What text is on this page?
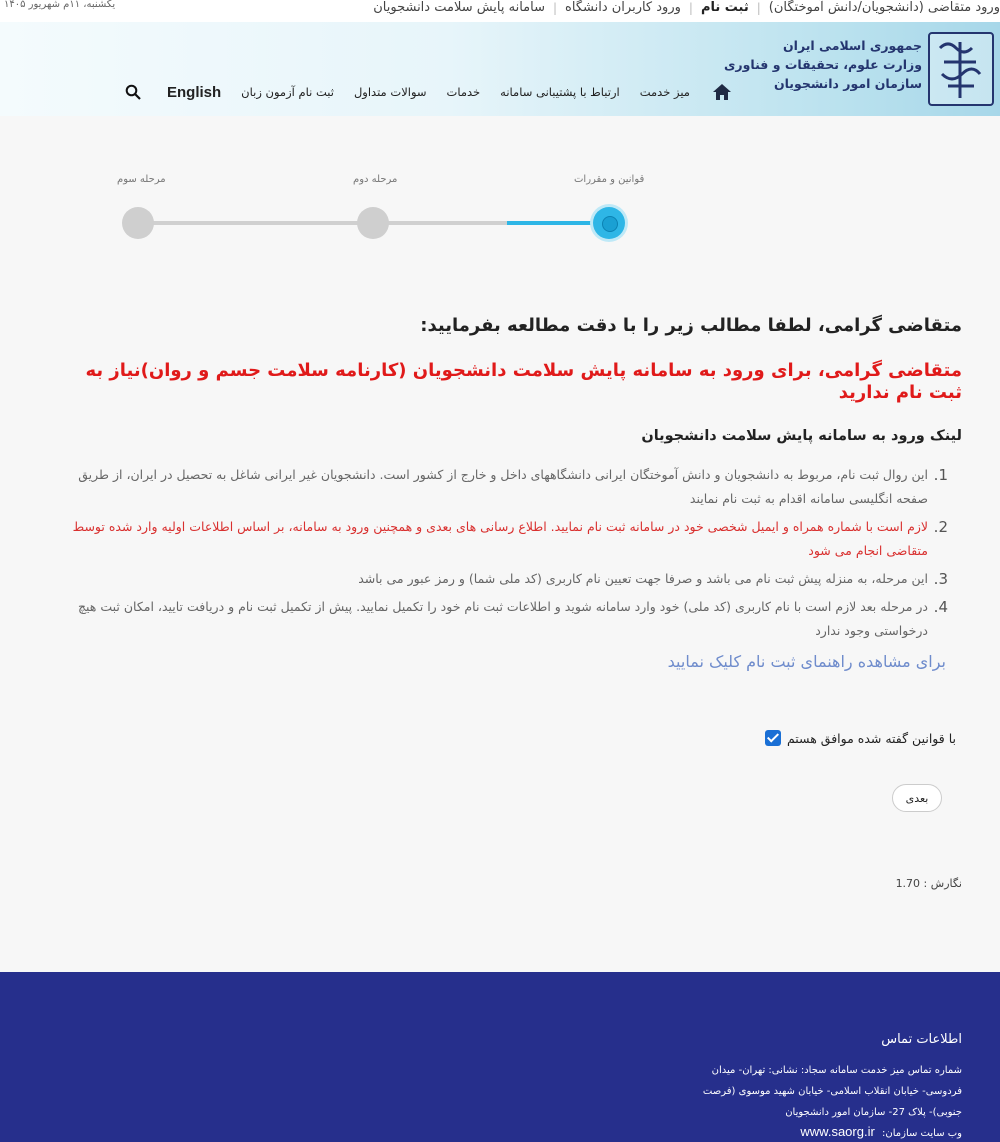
ورود متقاضی (دانشجویان/دانش آموختگان)
|
ثبت نام
|
ورود کاربران دانشگاه
|
سامانه پایش سلامت دانشجویان
یکشنبه، ۱۱م شهریور ۱۴۰۵
جمهوری اسلامی ایران
وزارت علوم، تحقیقات و فناوری
سازمان امور دانشجویان
میز خدمت
ارتباط با پشتیبانی سامانه
خدمات
سوالات متداول
ثبت نام آزمون زبان
English
قوانین و مقررات
مرحله دوم
مرحله سوم
متقاضی گرامی، لطفا مطالب زیر را با دقت مطالعه بفرمایید:
متقاضی گرامی، برای ورود به سامانه پایش سلامت دانشجویان (کارنامه سلامت جسم و روان)نیاز به ثبت نام ندارید
لینک ورود به سامانه پایش سلامت دانشجویان
1.
این روال ثبت نام، مربوط به دانشجویان و دانش آموختگان ایرانی دانشگاههای داخل و خارج از کشور است. دانشجویان غیر ایرانی شاغل به تحصیل در ایران، از طریق صفحه انگلیسی سامانه اقدام به ثبت نام نمایند
2.
لازم است با شماره همراه و ایمیل شخصی خود در سامانه ثبت نام نمایید. اطلاع رسانی های بعدی و همچنین ورود به سامانه، بر اساس اطلاعات اولیه وارد شده توسط متقاضی انجام می شود
3.
این مرحله، به منزله پیش ثبت نام می باشد و صرفا جهت تعیین نام کاربری (کد ملی شما) و رمز عبور می باشد
4.
در مرحله بعد لازم است با نام کاربری (کد ملی) خود وارد سامانه شوید و اطلاعات ثبت نام خود را تکمیل نمایید. پیش از تکمیل ثبت نام و دریافت تایید، امکان ثبت هیچ درخواستی وجود ندارد
برای مشاهده راهنمای ثبت نام کلیک نمایید
با قوانین گفته شده موافق هستم
بعدی
نگارش : 1.70
اطلاعات تماس
شماره تماس میز خدمت سامانه سجاد: نشانی: تهران- میدان فردوسی- خیابان انقلاب اسلامی- خیابان شهید موسوی (فرصت جنوبی)- پلاک 27- سازمان امور دانشجویان
وب سایت سازمان: www.saorg.ir
